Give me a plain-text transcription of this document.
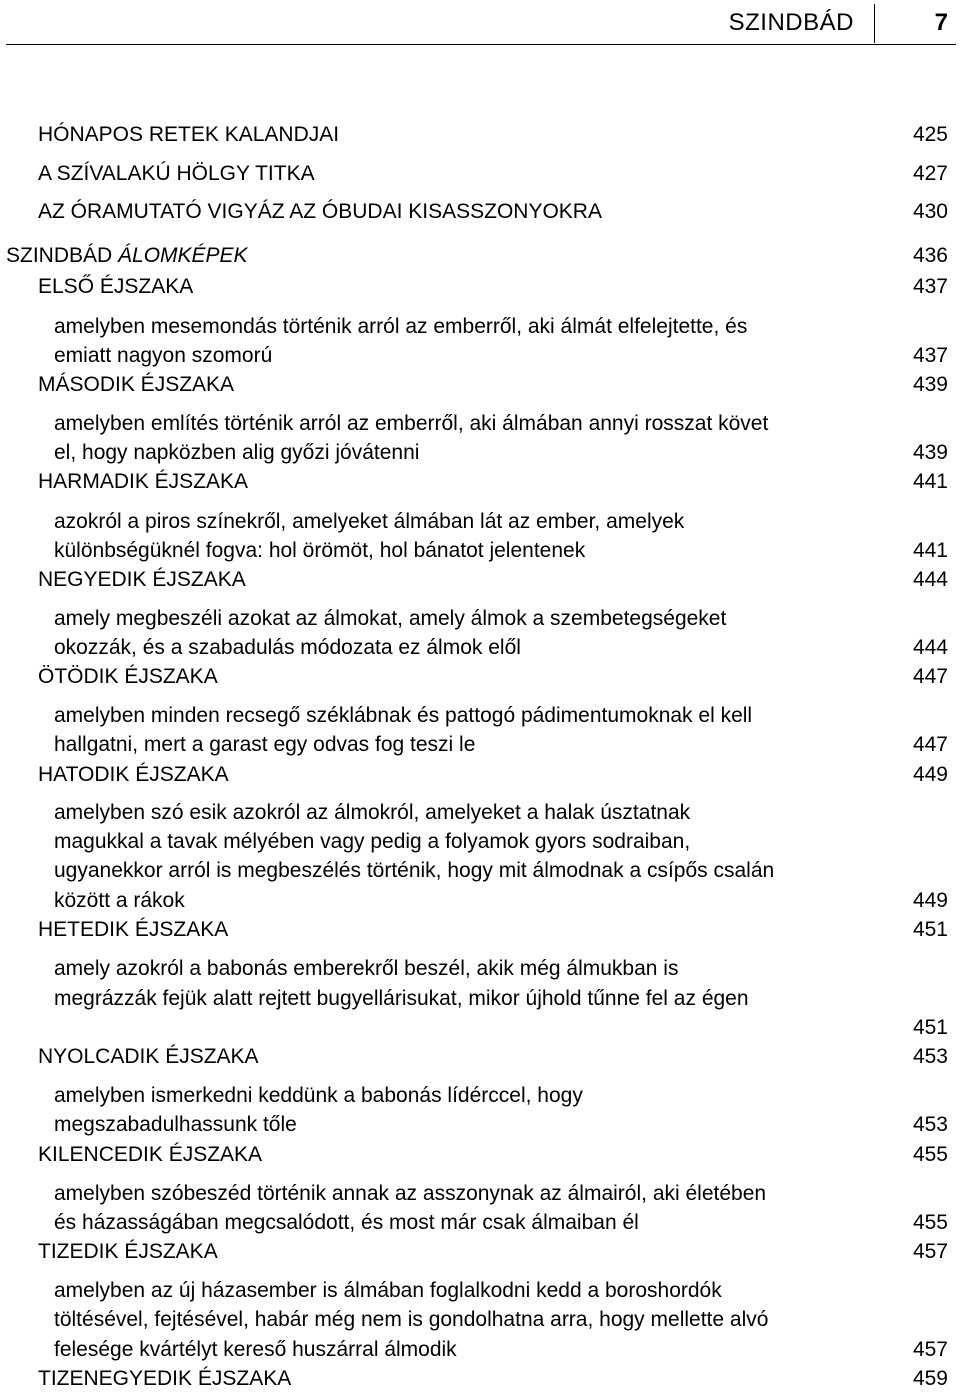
SZINDBÁD	7
HÓNAPOS RETEK KALANDJAI	425
A SZÍVALAKÚ HÖLGY TITKA	427
AZ ÓRAMUTATÓ VIGYÁZ AZ ÓBUDAI KISASSZONYOKRA	430
SZINDBÁD ÁLOMKÉPEK	436
ELSŐ ÉJSZAKA	437
amelyben mesemondás történik arról az emberről, aki álmát elfelejtette, és
emiatt nagyon szomorú	437
MÁSODIK ÉJSZAKA	439
amelyben említés történik arról az emberről, aki álmában annyi rosszat követ
el, hogy napközben alig győzi jóvátenni	439
HARMADIK ÉJSZAKA	441
azokról a piros színekről, amelyeket álmában lát az ember, amelyek
különbségüknél fogva: hol örömöt, hol bánatot jelentenek	441
NEGYEDIK ÉJSZAKA	444
amely megbeszéli azokat az álmokat, amely álmok a szembetegségeket
okozzák, és a szabadulás módozata ez álmok elől	444
ÖTÖDIK ÉJSZAKA	447
amelyben minden recsegő széklábnak és pattogó pádimentumoknak el kell
hallgatni, mert a garast egy odvas fog teszi le	447
HATODIK ÉJSZAKA	449
amelyben szó esik azokról az álmokról, amelyeket a halak úsztatnak
magukkal a tavak mélyében vagy pedig a folyamok gyors sodraiban,
ugyanekkor arról is megbeszélés történik, hogy mit álmodnak a csípős csalán
között a rákok	449
HETEDIK ÉJSZAKA	451
amely azokról a babonás emberekről beszél, akik még álmukban is
megrázzák fejük alatt rejtett bugyellárisukat, mikor újhold tűnne fel az égen
451
NYOLCADIK ÉJSZAKA	453
amelyben ismerkedni keddünk a babonás lídérccel, hogy
megszabadulhassunk tőle	453
KILENCEDIK ÉJSZAKA	455
amelyben szóbeszéd történik annak az asszonynak az álmairól, aki életében
és házasságában megcsalódott, és most már csak álmaiban él	455
TIZEDIK ÉJSZAKA	457
amelyben az új házasember is álmában foglalkodni kedd a boroshordók
töltésével, fejtésével, habár még nem is gondolhatna arra, hogy mellette alvó
felesége kvártélyt kereső huszárral álmodik	457
TIZENEGYEDIK ÉJSZAKA	459
